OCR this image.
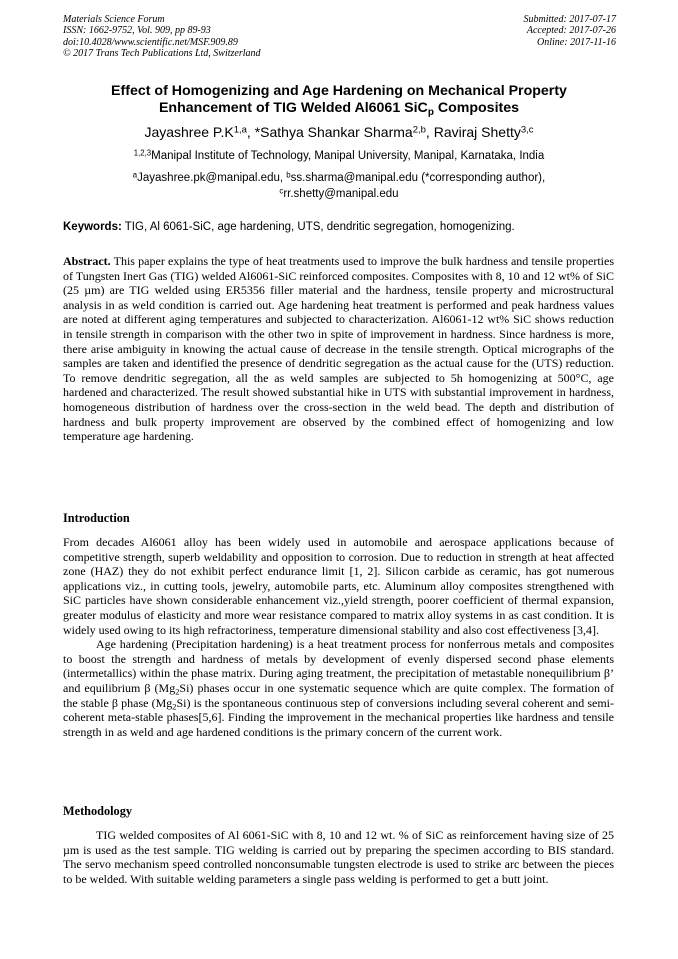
Materials Science Forum
ISSN: 1662-9752, Vol. 909, pp 89-93
doi:10.4028/www.scientific.net/MSF.909.89
© 2017 Trans Tech Publications Ltd, Switzerland
Submitted: 2017-07-17
Accepted: 2017-07-26
Online: 2017-11-16
Effect of Homogenizing and Age Hardening on Mechanical Property
Enhancement of TIG Welded Al6061 SiC$_p$ Composites
Jayashree $P.K^{1,a}$, *Sathya Shankar Sharma$^{2,b}$, Raviraj Shetty$^{3,c}$
$^{1,2,3}$Manipal Institute of Technology, Manipal University, Manipal, Karnataka, India
$^a$Jayashree.pk@manipal.edu, $^b$ss.sharma@manipal.edu (*corresponding author),
$^c$rr.shetty@manipal.edu
Keywords: TIG, Al 6061-SiC, age hardening, UTS, dendritic segregation, homogenizing.

Abstract. This paper explains the type of heat treatments used to improve the bulk hardness and tensile properties of Tungsten Inert Gas (TIG) welded Al6061-SiC reinforced composites. Composites with 8, 10 and 12 wt% of SiC (25 µm) are TIG welded using ER5356 filler material and the hardness, tensile property and microstructural analysis in as weld condition is carried out. Age hardening heat treatment is performed and peak hardness values are noted at different aging temperatures and subjected to characterization. Al6061-12 wt% SiC shows reduction in tensile strength in comparison with the other two in spite of improvement in hardness. Since hardness is more, there arise ambiguity in knowing the actual cause of decrease in the tensile strength. Optical micrographs of the samples are taken and identified the presence of dendritic segregation as the actual cause for the (UTS) reduction. To remove dendritic segregation, all the as weld samples are subjected to 5h homogenizing at 500°C, age hardened and characterized. The result showed substantial hike in UTS with substantial improvement in hardness, homogeneous distribution of hardness over the cross-section in the weld bead. The depth and distribution of hardness and bulk property improvement are observed by the combined effect of homogenizing and low temperature age hardening.

Introduction

From decades Al6061 alloy has been widely used in automobile and aerospace applications because of competitive strength, superb weldability and opposition to corrosion. Due to reduction in strength at heat affected zone (HAZ) they do not exhibit perfect endurance limit [1, 2]. Silicon carbide as ceramic, has got numerous applications viz., in cutting tools, jewelry, automobile parts, etc. Aluminum alloy composites strengthened with SiC particles have shown considerable enhancement viz.,yield strength, poorer coefficient of thermal expansion, greater modulus of elasticity and more wear resistance compared to matrix alloy systems in as cast condition. It is widely used owing to its high refractoriness, temperature dimensional stability and also cost effectiveness [3,4].

Age hardening (Precipitation hardening) is a heat treatment process for nonferrous metals and composites to boost the strength and hardness of metals by development of evenly dispersed second phase elements (intermetallics) within the phase matrix. During aging treatment, the precipitation of metastable nonequilibrium β’ and equilibrium β $(Mg_2Si)$ phases occur in one systematic sequence which are quite complex. The formation of the stable β phase $(Mg_2Si)$ is the spontaneous continuous step of conversions including several coherent and semi-coherent meta-stable phases[5,6]. Finding the improvement in the mechanical properties like hardness and tensile strength in as weld and age hardened conditions is the primary concern of the current work.

Methodology

TIG welded composites of Al 6061-SiC with 8, 10 and 12 wt. % of SiC as reinforcement having size of 25 µm is used as the test sample. TIG welding is carried out by preparing the specimen according to BIS standard. The servo mechanism speed controlled nonconsumable tungsten electrode is used to strike arc between the pieces to be welded. With suitable welding parameters a single pass welding is performed to get a butt joint.
